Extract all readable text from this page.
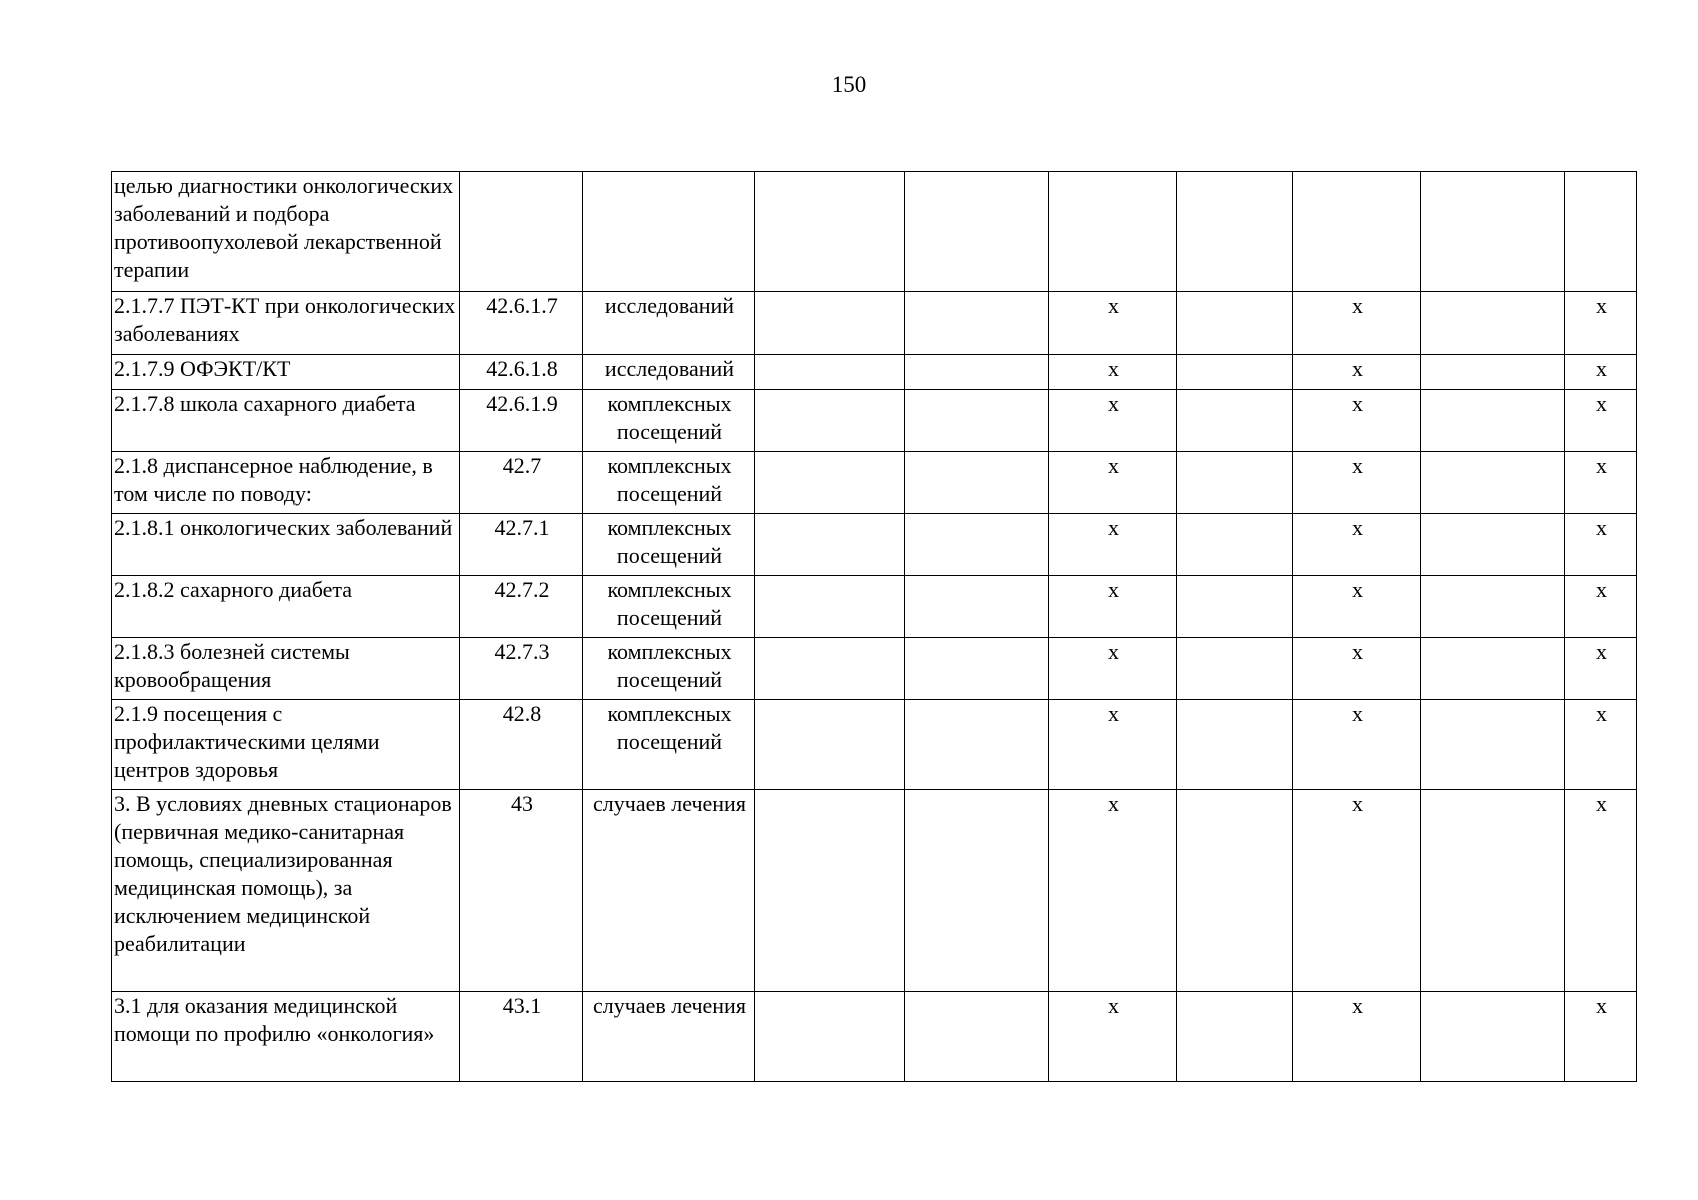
150
целью диагностики онкологических заболеваний и подбора противоопухолевой лекарственной терапии									
2.1.7.7 ПЭТ-КТ при онкологических заболеваниях	42.6.1.7	исследований			х		х		х
2.1.7.9 ОФЭКТ/КТ	42.6.1.8	исследований			х		х		х
2.1.7.8 школа сахарного диабета	42.6.1.9	комплексных посещений			х		х		х
2.1.8 диспансерное наблюдение, в том числе по поводу:	42.7	комплексных посещений			х		х		х
2.1.8.1 онкологических заболеваний	42.7.1	комплексных посещений			х		х		х
2.1.8.2 сахарного диабета	42.7.2	комплексных посещений			х		х		х
2.1.8.3 болезней системы кровообращения	42.7.3	комплексных посещений			х		х		х
2.1.9 посещения с профилактическими целями центров здоровья	42.8	комплексных посещений			х		х		х
3. В условиях дневных стационаров (первичная медико-санитарная помощь, специализированная медицинская помощь), за исключением медицинской реабилитации	43	случаев лечения			х		х		х
3.1 для оказания медицинской помощи по профилю «онкология»	43.1	случаев лечения			х		х		х
